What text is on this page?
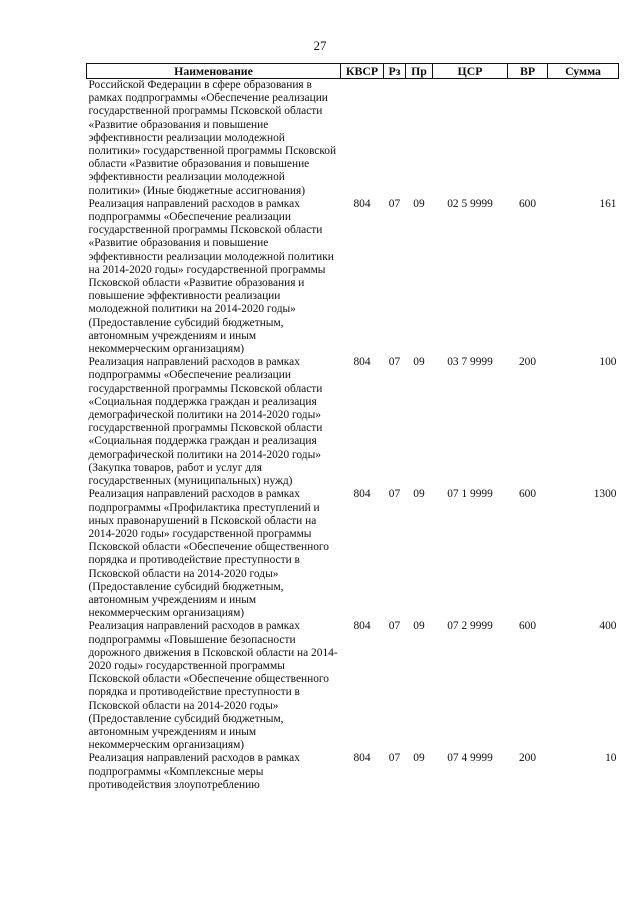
27
Наименование	КВСР	Рз	Пр	ЦСР	ВР	Сумма
Российской Федерации в сфере образования в рамках подпрограммы «Обеспечение реализации государственной программы Псковской области «Развитие образования и повышение эффективности реализации молодежной политики» государственной программы Псковской области «Развитие образования и повышение эффективности реализации молодежной политики» (Иные бюджетные ассигнования)						
Реализация направлений расходов в рамках подпрограммы «Обеспечение реализации государственной программы Псковской области «Развитие образования и повышение эффективности реализации молодежной политики на 2014-2020 годы» государственной программы Псковской области «Развитие образования и повышение эффективности реализации молодежной политики на 2014-2020 годы» (Предоставление субсидий бюджетным, автономным учреждениям и иным некоммерческим организациям)	804	07	09	02 5 9999	600	161
Реализация направлений расходов в рамках подпрограммы «Обеспечение реализации государственной программы Псковской области «Социальная поддержка граждан и реализация демографической политики на 2014-2020 годы» государственной программы Псковской области «Социальная поддержка граждан и реализация демографической политики на 2014-2020 годы» (Закупка товаров, работ и услуг для государственных (муниципальных) нужд)	804	07	09	03 7 9999	200	100
Реализация направлений расходов в рамках подпрограммы «Профилактика преступлений и иных правонарушений в Псковской области на 2014-2020 годы» государственной программы Псковской области «Обеспечение общественного порядка и противодействие преступности в Псковской области на 2014-2020 годы» (Предоставление субсидий бюджетным, автономным учреждениям и иным некоммерческим организациям)	804	07	09	07 1 9999	600	1300
Реализация направлений расходов в рамках подпрограммы «Повышение безопасности дорожного движения в Псковской области на 2014-2020 годы» государственной программы Псковской области «Обеспечение общественного порядка и противодействие преступности в Псковской области на 2014-2020 годы» (Предоставление субсидий бюджетным, автономным учреждениям и иным некоммерческим организациям)	804	07	09	07 2 9999	600	400
Реализация направлений расходов в рамках подпрограммы «Комплексные меры противодействия злоупотреблению	804	07	09	07 4 9999	200	10
